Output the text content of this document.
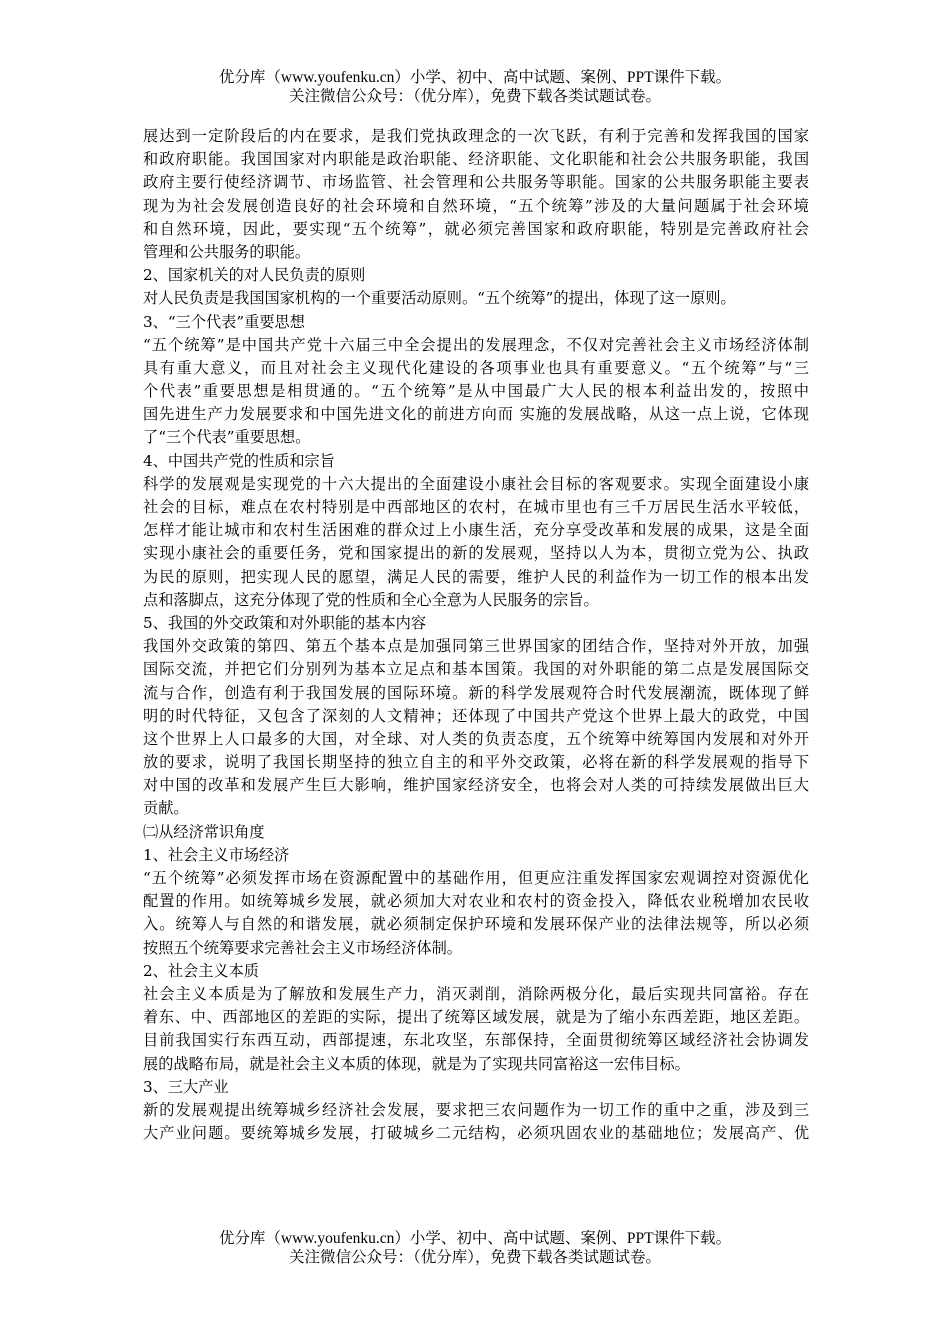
优分库（www.youfenku.cn）小学、初中、高中试题、案例、PPT课件下载。
关注微信公众号：（优分库），免费下载各类试题试卷。
展达到一定阶段后的内在要求，是我们党执政理念的一次飞跃，有利于完善和发挥我国的国家
和政府职能。我国国家对内职能是政治职能、经济职能、文化职能和社会公共服务职能，我国
政府主要行使经济调节、市场监管、社会管理和公共服务等职能。国家的公共服务职能主要表
现为为社会发展创造良好的社会环境和自然环境，“五个统筹”涉及的大量问题属于社会环境
和自然环境，因此，要实现“五个统筹”，就必须完善国家和政府职能，特别是完善政府社会
管理和公共服务的职能。
2、国家机关的对人民负责的原则
对人民负责是我国国家机构的一个重要活动原则。“五个统筹”的提出，体现了这一原则。
3、“三个代表”重要思想
“五个统筹”是中国共产党十六届三中全会提出的发展理念，不仅对完善社会主义市场经济体制
具有重大意义，而且对社会主义现代化建设的各项事业也具有重要意义。“五个统筹”与“三
个代表”重要思想是相贯通的。“五个统筹”是从中国最广大人民的根本利益出发的，按照中
国先进生产力发展要求和中国先进文化的前进方向而 实施的发展战略，从这一点上说，它体现
了“三个代表”重要思想。
4、中国共产党的性质和宗旨
科学的发展观是实现党的十六大提出的全面建设小康社会目标的客观要求。实现全面建设小康
社会的目标，难点在农村特别是中西部地区的农村，在城市里也有三千万居民生活水平较低，
怎样才能让城市和农村生活困难的群众过上小康生活，充分享受改革和发展的成果，这是全面
实现小康社会的重要任务，党和国家提出的新的发展观，坚持以人为本，贯彻立党为公、执政
为民的原则，把实现人民的愿望，满足人民的需要，维护人民的利益作为一切工作的根本出发
点和落脚点，这充分体现了党的性质和全心全意为人民服务的宗旨。
5、我国的外交政策和对外职能的基本内容
我国外交政策的第四、第五个基本点是加强同第三世界国家的团结合作，坚持对外开放，加强
国际交流，并把它们分别列为基本立足点和基本国策。我国的对外职能的第二点是发展国际交
流与合作，创造有利于我国发展的国际环境。新的科学发展观符合时代发展潮流，既体现了鲜
明的时代特征，又包含了深刻的人文精神；还体现了中国共产党这个世界上最大的政党，中国
这个世界上人口最多的大国，对全球、对人类的负责态度，五个统筹中统筹国内发展和对外开
放的要求，说明了我国长期坚持的独立自主的和平外交政策，必将在新的科学发展观的指导下
对中国的改革和发展产生巨大影响，维护国家经济安全，也将会对人类的可持续发展做出巨大
贡献。
㈡从经济常识角度
1、社会主义市场经济
“五个统筹”必须发挥市场在资源配置中的基础作用，但更应注重发挥国家宏观调控对资源优化
配置的作用。如统筹城乡发展，就必须加大对农业和农村的资金投入，降低农业税增加农民收
入。统筹人与自然的和谐发展，就必须制定保护环境和发展环保产业的法律法规等，所以必须
按照五个统筹要求完善社会主义市场经济体制。
2、社会主义本质
社会主义本质是为了解放和发展生产力，消灭剥削，消除两极分化，最后实现共同富裕。存在
着东、中、西部地区的差距的实际，提出了统筹区域发展，就是为了缩小东西差距，地区差距。
目前我国实行东西互动，西部提速，东北攻坚，东部保持，全面贯彻统筹区域经济社会协调发
展的战略布局，就是社会主义本质的体现，就是为了实现共同富裕这一宏伟目标。
3、三大产业
新的发展观提出统筹城乡经济社会发展，要求把三农问题作为一切工作的重中之重，涉及到三
大产业问题。要统筹城乡发展，打破城乡二元结构，必须巩固农业的基础地位；发展高产、优
优分库（www.youfenku.cn）小学、初中、高中试题、案例、PPT课件下载。
关注微信公众号：（优分库），免费下载各类试题试卷。
